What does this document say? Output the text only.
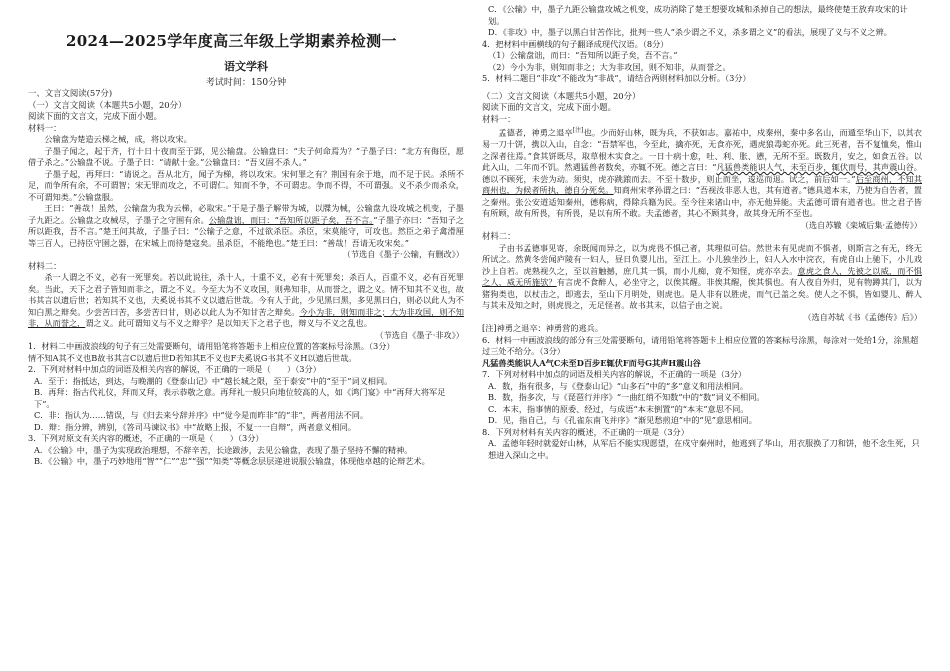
2024—2025学年度高三年级上学期素养检测一
语文学科
考试时间：150分钟
一、文言文阅读(57分)
（一）文言文阅读（本题共5小题，20分）
阅读下面的文言文，完成下面小题。
材料一：

公输盘为楚造云梯之械，成，将以攻宋。

子墨子闻之，起于齐，行十日十夜而至于郢，见公输盘。公输盘曰：“夫子何命焉为？”子墨子曰：“北方有侮臣，愿借子杀之。”公输盘不说。子墨子曰：“请献十金。”公输盘曰：“吾义固不杀人。”

子墨子起，再拜曰：“请说之。吾从北方，闻子为梯，将以攻宋。宋何罪之有？荆国有余于地，而不足于民。杀所不足，而争所有余，不可谓智；宋无罪而攻之，不可谓仁。知而不争，不可谓忠。争而不得，不可谓强。义不杀少而杀众，不可谓知类。”公输盘服。

王曰：“善哉！虽然，公输盘为我为云梯，必取宋。”于是子墨子解带为城，以牒为械，公输盘九设攻城之机变，子墨子九距之。公输盘之攻械尽，子墨子之守围有余。公输盘诎，而曰：“吾知所以距子矣，吾不言。”子墨子亦曰：“吾知子之所以距我，吾不言。”楚王问其故，子墨子曰：“公输子之意，不过欲杀臣。杀臣，宋莫能守，可攻也。然臣之弟子禽滑厘等三百人，已持臣守圉之器，在宋城上而待楚寇矣。虽杀臣，不能绝也。”楚王曰：“善哉！吾请无攻宋矣。”

（节选自《墨子·公输，有删改》）

材料二：

杀一人谓之不义，必有一死罪矣。若以此说往，杀十人，十重不义，必有十死罪矣；杀百人，百重不义，必有百死罪矣。当此，天下之君子皆知而非之，谓之不义。今至大为不义攻国，则弗知非，从而誉之，谓之义。情不知其不义也，故书其言以遗后世；若知其不义也，夫奚说书其不义以遗后世哉。今有人于此，少见黑曰黑，多见黑曰白，则必以此人为不知白黑之辩矣。少尝苦曰苦，多尝苦曰甘，则必以此人为不知甘苦之辩矣。今小为非，则知而非之；大为非攻国，则不知非，从而誉之，谓之义。此可谓知义与不义之辩乎？是以知天下之君子也，辩义与不义之乱也。

（节选自《墨子·非攻》）

1．材料二中画波浪线的句子有三处需要断句，请用铅笔将答题卡上相应位置的答案标号涂黑。（3分）

情不知A其不义也B故书其言C以遗后世D若知其E不义也F夫奚说G书其不义H以遗后世哉。

2．下列对材料中加点的词语及相关内容的解说，不正确的一项是（　　）（3分）

A．至于：指抵达，到达，与晚潮的《登泰山记》中“越长城之限，至于泰安”中的“至于”词义相同。

B．再拜：指古代礼仪，拜而又拜，表示恭敬之意。再拜礼一般只向地位较高的人，如《鸿门宴》中“再拜大将军足下”。

C．非：指认为……错误，与《归去来兮辞并序》中“觉今是而昨非”的“非”，两者用法不同。

D．辩：指分辨，辨别，《答司马谏议书》中“故略上报，不复一一自辩”，两者意义相同。

3．下列对原文有关内容的概述，不正确的一项是（　　）（3分）

A．《公输》中，墨子为实现政治理想，不辞辛苦，长途跋涉，去见公输盘，表现了墨子坚持不懈的精神。

B．《公输》中，墨子巧妙地用“智”“仁”“忠”“强”“知类”等概念层层递进说服公输盘，体现他卓越的论辩艺术。

C．《公输》中，墨子九距公输盘攻城之机变，成功消除了楚王想要攻城和杀掉自己的想法，最终使楚王放弃攻宋的计划。

D．《非攻》中，墨子以黑白甘苦作比，批判一些人“杀少谓之不义，杀多谓之义”的看法，展现了义与不义之辨。

4．把材料中画横线的句子翻译成现代汉语。（8分）

（1）公输盘诎，而曰：“吾知所以距子矣，吾不言。”

（2）今小为非，则知而非之；大为非攻国，则不知非，从而誉之。

5．材料二题目“非攻”不能改为“非战”，请结合两则材料加以分析。（3分）

（二）文言文阅读（本题共5小题，20分）
阅读下面的文言文，完成下面小题。
材料一：

孟德者，神勇之退卒[注]也。少而好山林，既为兵，不获如志。嘉祐中，戍秦州，秦中多名山，而遁至华山下，以其衣易一刀十饼，携以入山，自念：“吾禁军也，今至此，擒亦死，无食亦死，遇虎狼毒蛇亦死。此三死者，吾不复恤矣，惟山之深者往焉。”食其饼既尽，取草根木实食之。一日十病十愈，吐、利、胀、懑，无所不至。既数月，安之，如食五谷。以此入山，二年而不饥。然遇猛兽者数矣，亦辄不死。德之言曰：“凡猛兽类能识人气，未至百步，辄伏而号，其声震山谷。德以不顾死，未尝为动。须臾，虎亦跳踉而去。不至十数步，则止而坐，逡巡而退。试之，前后如一。”后至商州，不知其商州也，为候者所执，德自分死矣。知商州宋孝孙谓之曰：“吾视汝非恶人也，其有道者。”德具道本末，乃使为自告者，置之秦州。张公安道适知秦州，德称病，得除兵籍为民。至今往来诸山中，亦无他异能。夫孟德可谓有道者也。世之君子皆有所顾，故有所畏，有所畏，是以有所不敢。夫孟德者，其心不顾其身，故其身无所不至也。

（选自苏辙《栾城后集·孟德传》）

材料二：

子由书孟德事见寄，余既闻而异之，以为虎畏不惧己者，其理似可信。然世未有见虎而不惧者，则斯言之有无，终无所试之。然黄冬尝闻庐陵有一妇人，昼日负婴儿出，至江上。小儿独坐沙上，妇人入水中浣衣，有虎自山上驰下，小儿戏沙上自若。虎熟视久之，至以首触撼，庶几其一惧，而小儿痴，竟不知怪，虎亦卒去。意虎之食人，先被之以威，而不惧之人，威无所施欤？有言虎不食醉人，必坐守之，以俟其醒。非俟其醒，俟其惧也。有人夜自外归，见有物蹲其门，以为猪狗类也，以杖击之，即逃去，至山下月明处，则虎也。是人非有以胜虎，而气已盖之矣。使人之不惧，皆如婴儿、醉人与其未及知之时，则虎畏之，无足怪者。故书其末，以信子由之说。

（选自苏轼《书《孟德传》后》）

[注]神勇之退卒：神勇营的逃兵。

6．材料一中画波浪线的部分有三处需要断句，请用铅笔将答题卡上相应位置的答案标号涂黑，每涂对一处给1分，涂黑超过三处不给分。（3分）

凡猛兽类能识人A气C未至D百步E辄伏F而号G其声H震山谷

7．下列对材料中加点的词语及相关内容的解说，不正确的一项是（3分）

A．数，指有很多，与《登泰山记》“山多石”中的“多”意义和用法相同。

B．数，指多次，与《琵琶行并序》“一曲红绡不知数”中的“数”词义不相同。

C．本末，指事情的原委、经过，与成语“本末倒置”的“本末”意思不同。

D．见，指自己，与《孔雀东南飞并序》“渐见愁煎迫”中的“见”意思相同。

8．下列对材料有关内容的概述，不正确的一项是（3分）

A．孟德年轻时就爱好山林，从军后不能实现愿望，在戍守秦州时，他逃到了华山，用衣服换了刀和饼，他不念生死，只想进入深山之中。
